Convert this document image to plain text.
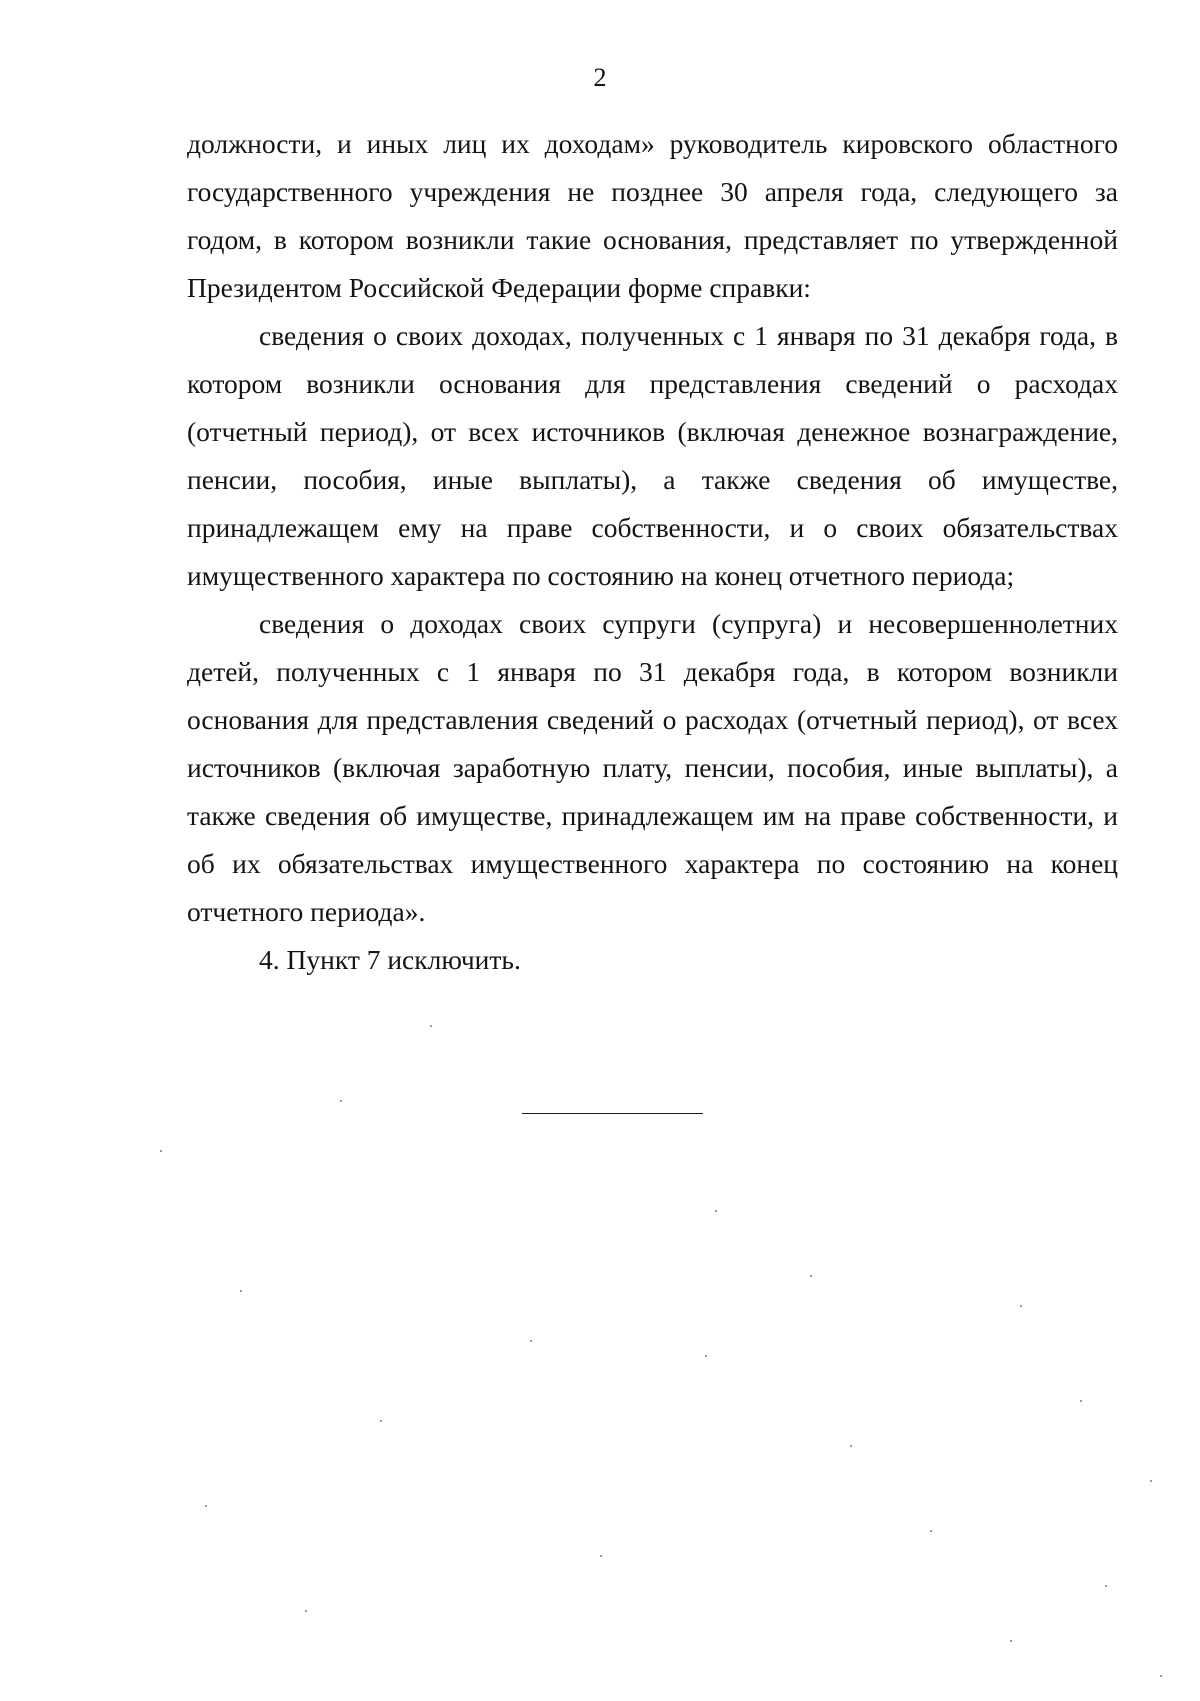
2

должности, и иных лиц их доходам» руководитель кировского областного государственного учреждения не позднее 30 апреля года, следующего за годом, в котором возникли такие основания, представляет по утвержденной Президентом Российской Федерации форме справки:

сведения о своих доходах, полученных с 1 января по 31 декабря года, в котором возникли основания для представления сведений о расходах (отчетный период), от всех источников (включая денежное вознаграждение, пенсии, пособия, иные выплаты), а также сведения об имуществе, принадлежащем ему на праве собственности, и о своих обязательствах имущественного характера по состоянию на конец отчетного периода;

сведения о доходах своих супруги (супруга) и несовершеннолетних детей, полученных с 1 января по 31 декабря года, в котором возникли основания для представления сведений о расходах (отчетный период), от всех источников (включая заработную плату, пенсии, пособия, иные выплаты), а также сведения об имуществе, принадлежащем им на праве собственности, и об их обязательствах имущественного характера по состоянию на конец отчетного периода».

4. Пункт 7 исключить.
